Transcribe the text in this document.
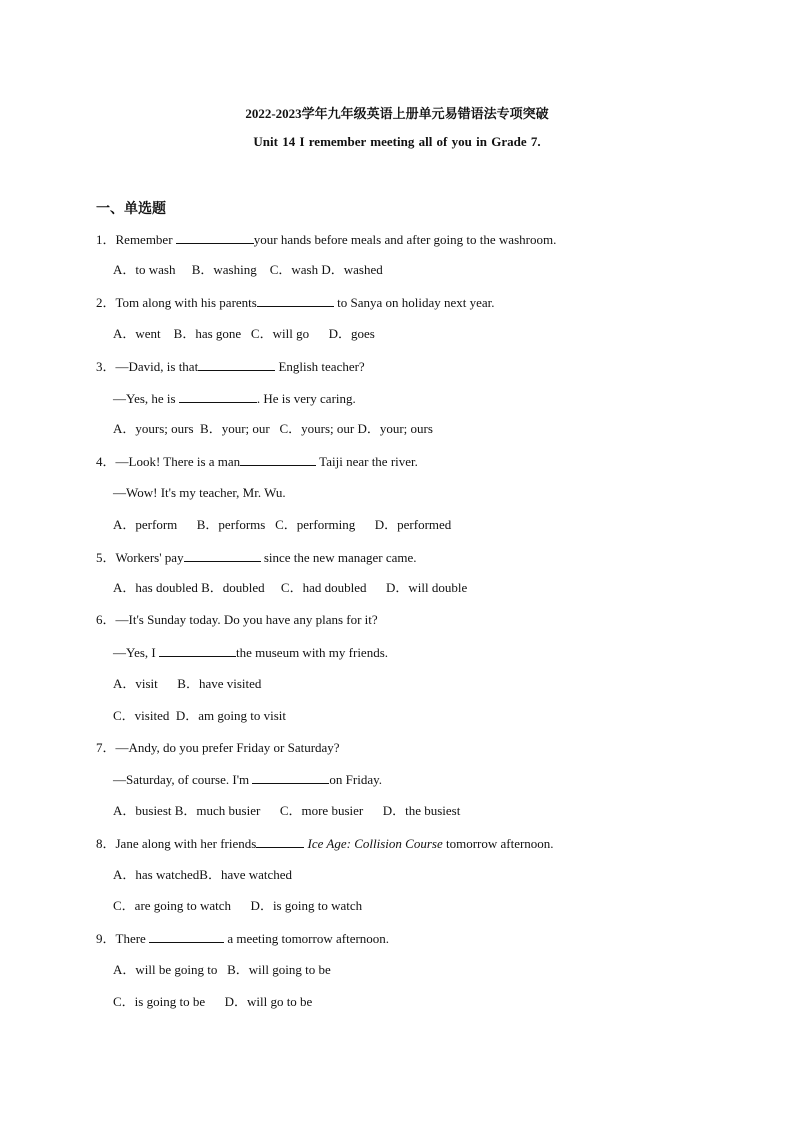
2022-2023学年九年级英语上册单元易错语法专项突破
Unit 14 I remember meeting all of you in Grade 7.
一、单选题
1．Remember	your hands before meals and after going to the washroom.
A．to wash     B．washing    C．wash D．washed
2．Tom along with his parents	to Sanya on holiday next year.
A．went    B．has gone   C．will go      D．goes
3．—David, is that	English teacher?
—Yes, he is	. He is very caring.
A．yours; ours  B．your; our   C．yours; our D．your; ours
4．—Look! There is a man	Taiji near the river.
—Wow! It's my teacher, Mr. Wu.
A．perform      B．performs   C．performing      D．performed
5．Workers' pay	since the new manager came.
A．has doubled B．doubled     C．had doubled      D．will double
6．—It's Sunday today. Do you have any plans for it?
—Yes, I	the museum with my friends.
A．visit      B．have visited
C．visited  D．am going to visit
7．—Andy, do you prefer Friday or Saturday?
—Saturday, of course. I'm	on Friday.
A．busiest B．much busier      C．more busier      D．the busiest
8．Jane along with her friends	Ice Age: Collision Course tomorrow afternoon.
A．has watchedB．have watched
C．are going to watch      D．is going to watch
9．There	a meeting tomorrow afternoon.
A．will be going to   B．will going to be
C．is going to be      D．will go to be
